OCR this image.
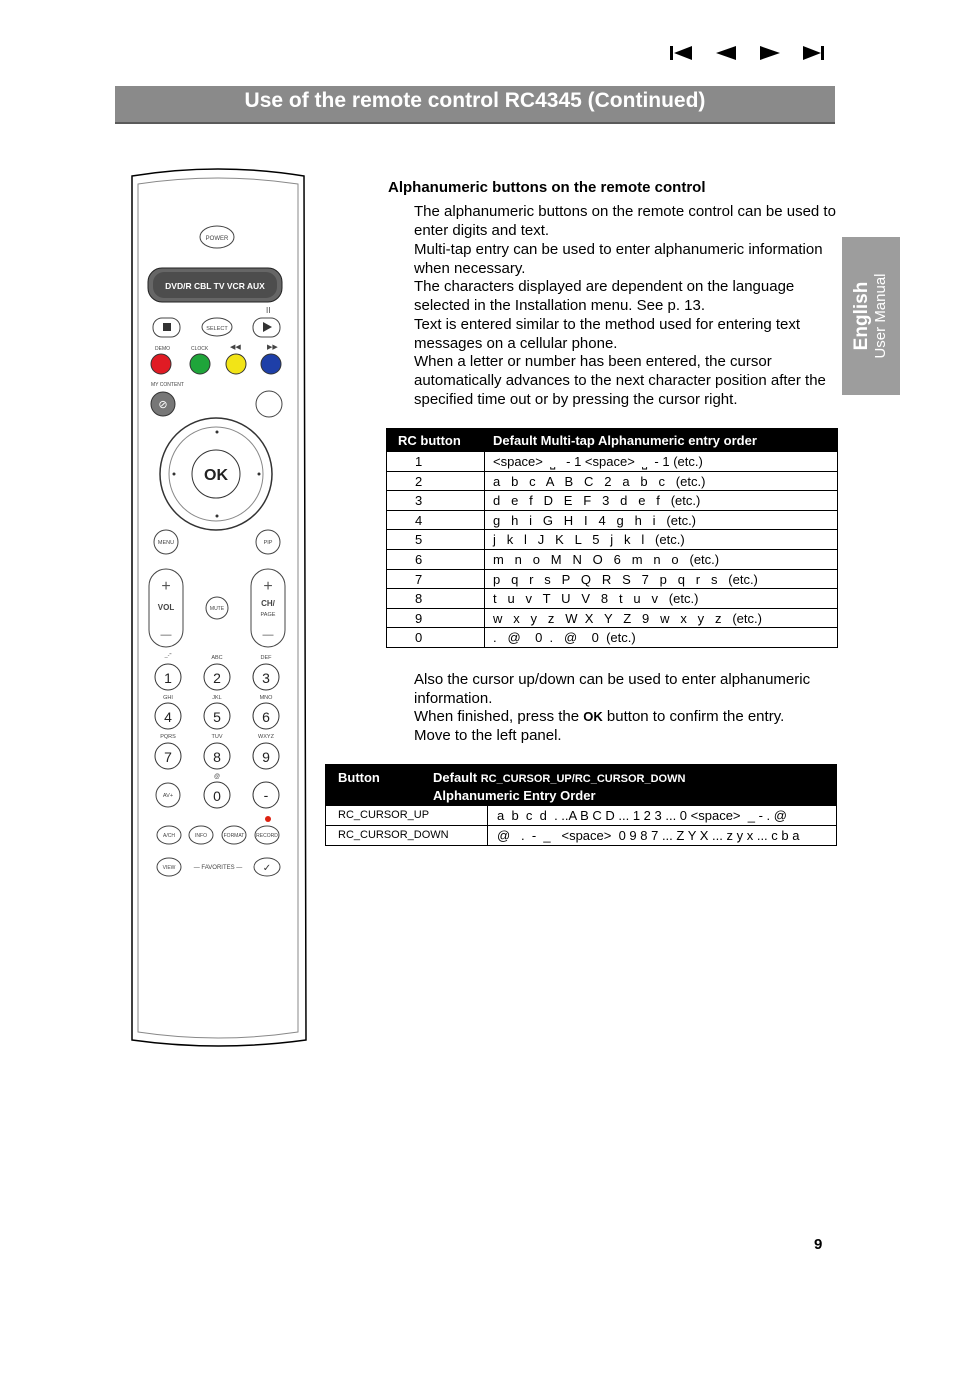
Use of the remote control RC4345 (Continued)
English User Manual
Alphanumeric buttons on the remote control
The alphanumeric buttons on the remote control can be used to enter digits and text.
Multi-tap entry can be used to enter alphanumeric information when necessary.
The characters displayed are dependent on the language selected in the Installation menu. See p. 13.
Text is entered similar to the method used for entering text messages on a cellular phone.
When a letter or number has been entered, the cursor automatically advances to the next character position after the specified time out or by pressing the cursor right.
RC button Default Multi-tap Alphanumeric entry order
1	<space>  ⎵   - 1 <space>  ⎵  - 1 (etc.)
2	a   b   c   A   B   C   2   a   b   c   (etc.)
3	d   e   f   D   E   F   3   d   e   f   (etc.)
4	g   h   i   G   H   I   4   g   h   i   (etc.)
5	j   k   l   J   K   L   5   j   k   l   (etc.)
6	m   n   o   M   N   O   6   m   n   o   (etc.)
7	p   q   r   s   P   Q   R   S   7   p   q   r   s   (etc.)
8	t   u   v   T   U   V   8   t   u   v   (etc.)
9	w   x   y   z   W  X   Y   Z   9   w   x   y   z   (etc.)
0	.   @    0  .   @    0  (etc.)
Also the cursor up/down can be used to enter alphanumeric information.
When finished, press the OK button to confirm the entry.
Move to the left panel.
Button	Default RC_CURSOR_UP/RC_CURSOR_DOWN
Alphanumeric Entry Order
RC_CURSOR_UP	a  b  c  d  . ..A B C D ... 1 2 3 ... 0 <space>  _ - . @
RC_CURSOR_DOWN	@   .  -  _   <space>  0 9 8 7 ... Z Y X ... z y x ... c b a
POWER
DVD/R CBL TV VCR AUX
II
SELECT
DEMO	CLOCK	◀◀	▶▶
MY CONTENT
⊘
OK
MENU	PIP
+
VOL
—
MUTE
+
CH/
PAGE
—
_-"	ABC	DEF
1	2	3
GHI	JKL	MNO
4	5	6
PQRS	TUV	WXYZ
7	8	9
@
AV+	0	-
A/CH	INFO	FORMAT RECORD
VIEW	— FAVORITES — ✓
9
